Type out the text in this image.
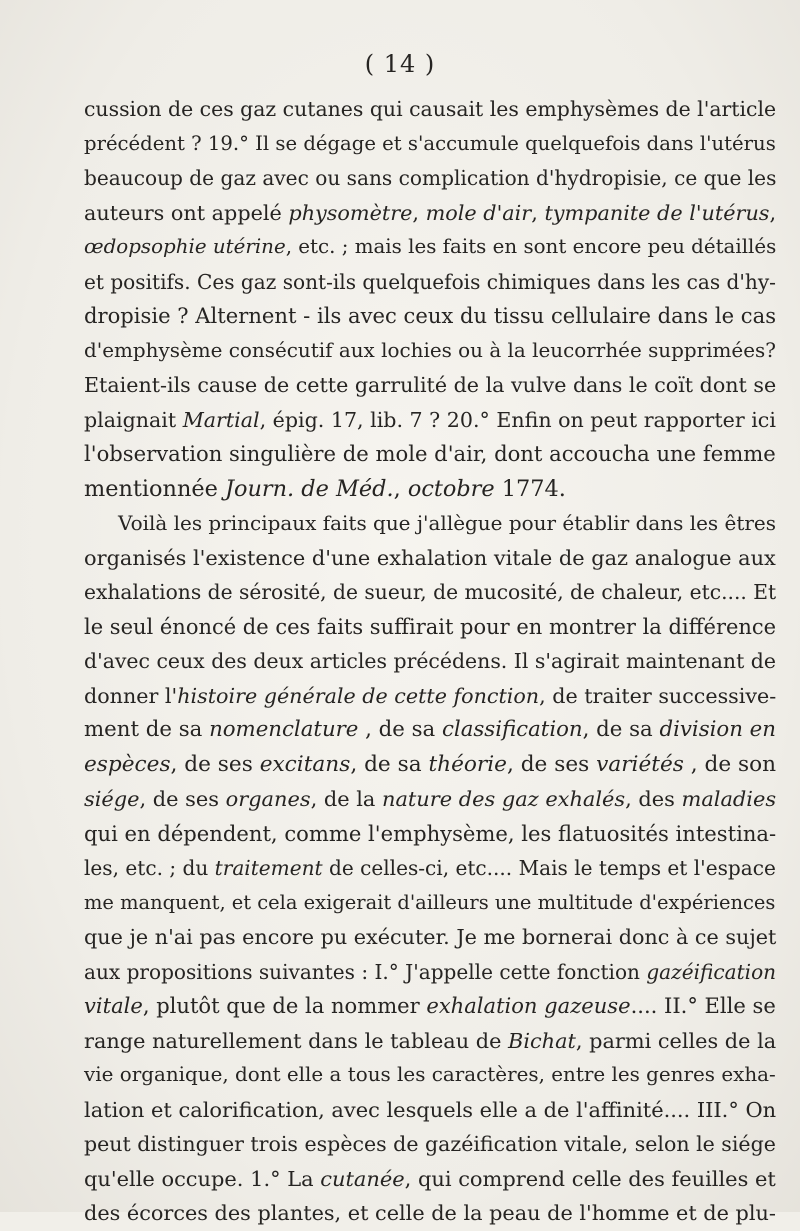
( 14 )
cussion de ces gaz cutanes qui causait les emphysèmes de l'article
précédent ? 19.° Il se dégage et s'accumule quelquefois dans l'utérus
beaucoup de gaz avec ou sans complication d'hydropisie, ce que les
auteurs ont appelé physomètre, mole d'air, tympanite de l'utérus,
œdopsophie utérine, etc. ; mais les faits en sont encore peu détaillés
et positifs. Ces gaz sont-ils quelquefois chimiques dans les cas d'hy-
dropisie ? Alternent - ils avec ceux du tissu cellulaire dans le cas
d'emphysème consécutif aux lochies ou à la leucorrhée supprimées?
Etaient-ils cause de cette garrulité de la vulve dans le coït dont se
plaignait Martial, épig. 17, lib. 7 ? 20.° Enfin on peut rapporter ici
l'observation singulière de mole d'air, dont accoucha une femme
mentionnée Journ. de Méd., octobre 1774.
Voilà les principaux faits que j'allègue pour établir dans les êtres
organisés l'existence d'une exhalation vitale de gaz analogue aux
exhalations de sérosité, de sueur, de mucosité, de chaleur, etc.... Et
le seul énoncé de ces faits suffirait pour en montrer la différence
d'avec ceux des deux articles précédens. Il s'agirait maintenant de
donner l'histoire générale de cette fonction, de traiter successive-
ment de sa nomenclature , de sa classification, de sa division en
espèces, de ses excitans, de sa théorie, de ses variétés , de son
siége, de ses organes, de la nature des gaz exhalés, des maladies
qui en dépendent, comme l'emphysème, les flatuosités intestina-
les, etc. ; du traitement de celles-ci, etc.... Mais le temps et l'espace
me manquent, et cela exigerait d'ailleurs une multitude d'expériences
que je n'ai pas encore pu exécuter. Je me bornerai donc à ce sujet
aux propositions suivantes : I.° J'appelle cette fonction gazéification
vitale, plutôt que de la nommer exhalation gazeuse.... II.° Elle se
range naturellement dans le tableau de Bichat, parmi celles de la
vie organique, dont elle a tous les caractères, entre les genres exha-
lation et calorification, avec lesquels elle a de l'affinité.... III.° On
peut distinguer trois espèces de gazéification vitale, selon le siége
qu'elle occupe. 1.° La cutanée, qui comprend celle des feuilles et
des écorces des plantes, et celle de la peau de l'homme et de plu-
